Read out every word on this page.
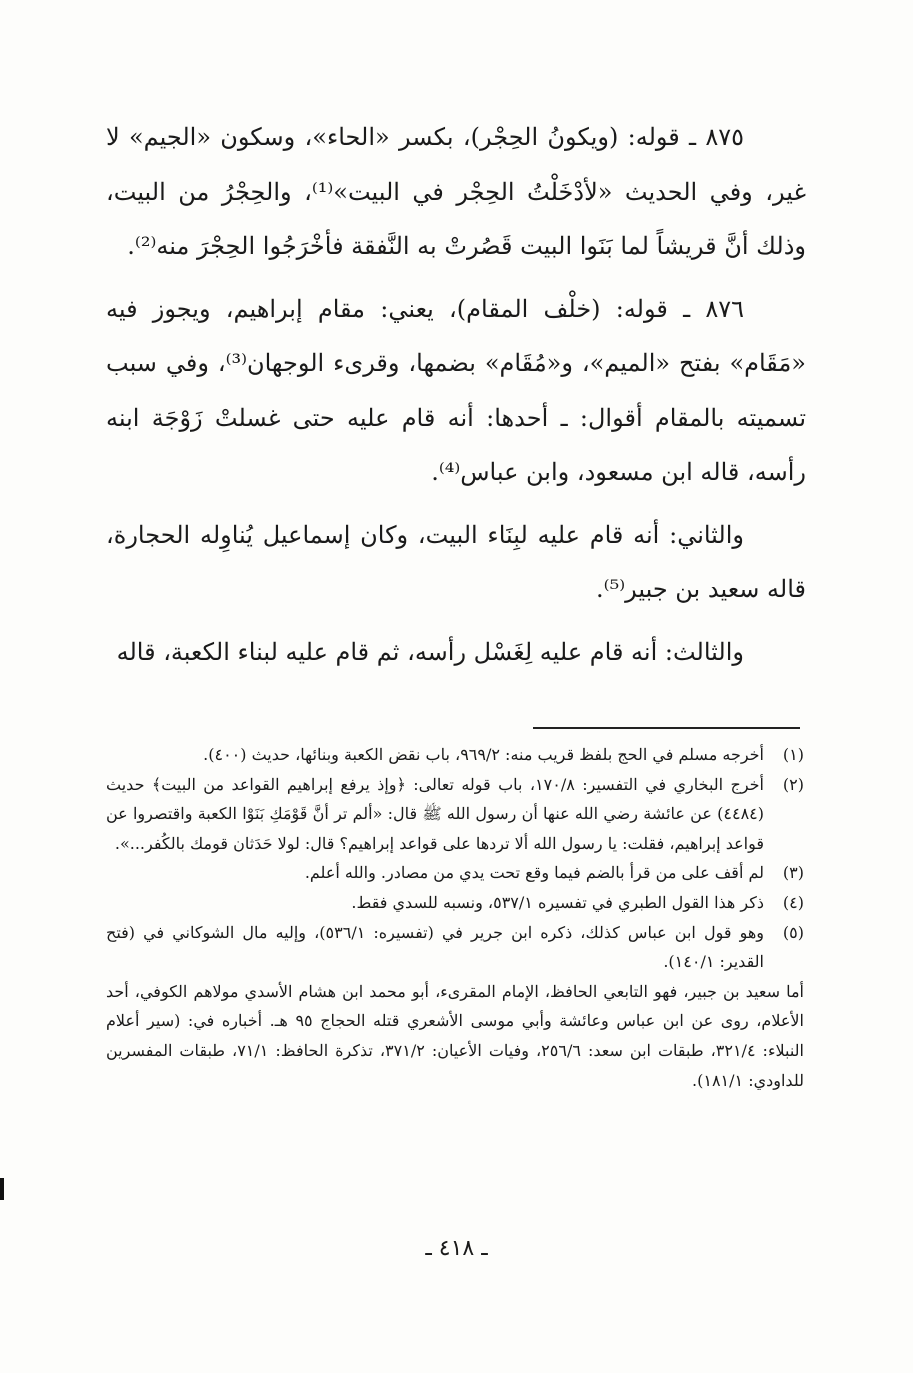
٨٧٥ ـ قوله: (ويكونُ الحِجْر)، بكسر «الحاء»، وسكون «الجيم» لا غير، وفي الحديث «لأدْخَلْتُ الحِجْر في البيت»⁽¹⁾، والحِجْرُ من البيت، وذلك أنَّ قريشاً لما بَنَوا البيت قَصُرتْ به النَّفقة فأخْرَجُوا الحِجْرَ منه⁽²⁾.

٨٧٦ ـ قوله: (خلْف المقام)، يعني: مقام إبراهيم، ويجوز فيه «مَقَام» بفتح «الميم»، و«مُقَام» بضمها، وقرىء الوجهان⁽³⁾، وفي سبب تسميته بالمقام أقوال: ـ أحدها: أنه قام عليه حتى غسلتْ زَوْجَة ابنه رأسه، قاله ابن مسعود، وابن عباس⁽⁴⁾.

والثاني: أنه قام عليه لبِنَاء البيت، وكان إسماعيل يُناوِله الحجارة، قاله سعيد بن جبير⁽⁵⁾.

والثالث: أنه قام عليه لِغَسْل رأسه، ثم قام عليه لبناء الكعبة، قاله

(١)
أخرجه مسلم في الحج بلفظ قريب منه: ٩٦٩/٢، باب نقض الكعبة وبنائها، حديث (٤٠٠).
(٢)
أخرج البخاري في التفسير: ١٧٠/٨، باب قوله تعالى: ﴿وإذ يرفع إبراهيم القواعد من البيت﴾ حديث (٤٤٨٤) عن عائشة رضي الله عنها أن رسول الله ﷺ قال: «ألم تر أنَّ قَوْمَكِ بَنَوْا الكعبة واقتصروا عن قواعد إبراهيم، فقلت: يا رسول الله ألا تردها على قواعد إبراهيم؟ قال: لولا حَدَثان قومك بالكُفر...».
(٣)
لم أقف على من قرأ بالضم فيما وقع تحت يدي من مصادر. والله أعلم.
(٤)
ذكر هذا القول الطبري في تفسيره ٥٣٧/١، ونسبه للسدي فقط.
(٥)
وهو قول ابن عباس كذلك، ذكره ابن جرير في (تفسيره: ٥٣٦/١)، وإليه مال الشوكاني في (فتح القدير: ١٤٠/١).
أما سعيد بن جبير، فهو التابعي الحافظ، الإمام المقرىء، أبو محمد ابن هشام الأسدي مولاهم الكوفي، أحد الأعلام، روى عن ابن عباس وعائشة وأبي موسى الأشعري قتله الحجاج ٩٥ هـ. أخباره في: (سير أعلام النبلاء: ٣٢١/٤، طبقات ابن سعد: ٢٥٦/٦، وفيات الأعيان: ٣٧١/٢، تذكرة الحافظ: ٧١/١، طبقات المفسرين للداودي: ١٨١/١).
ـ ٤١٨ ـ
